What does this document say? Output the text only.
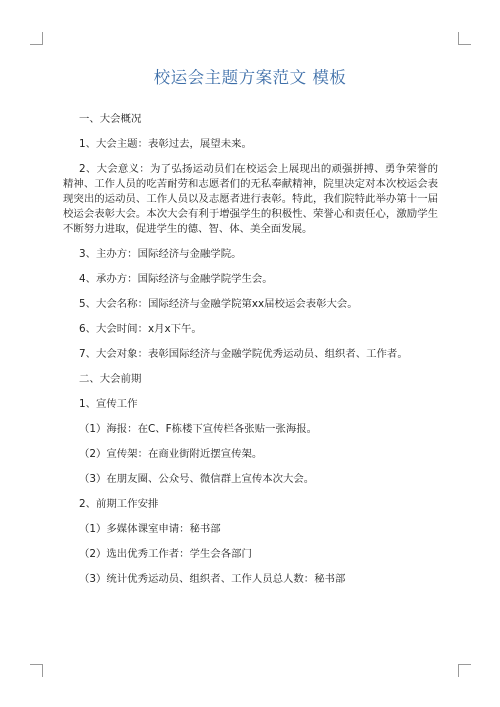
校运会主题方案范文 模板

一、大会概况

1、大会主题：表彰过去，展望未来。

2、大会意义：为了弘扬运动员们在校运会上展现出的顽强拼搏、勇争荣誉的精神、工作人员的吃苦耐劳和志愿者们的无私奉献精神，院里决定对本次校运会表现突出的运动员、工作人员以及志愿者进行表彰。特此，我们院特此举办第十一届校运会表彰大会。本次大会有利于增强学生的积极性、荣誉心和责任心，激励学生不断努力进取，促进学生的德、智、体、美全面发展。

3、主办方：国际经济与金融学院。

4、承办方：国际经济与金融学院学生会。

5、大会名称：国际经济与金融学院第xx届校运会表彰大会。

6、大会时间：x月x下午。

7、大会对象：表彰国际经济与金融学院优秀运动员、组织者、工作者。

二、大会前期

1、宣传工作

（1）海报：在C、F栋楼下宣传栏各张贴一张海报。

（2）宣传架：在商业街附近摆宣传架。

（3）在朋友圈、公众号、微信群上宣传本次大会。

2、前期工作安排

（1）多媒体课室申请：秘书部

（2）选出优秀工作者：学生会各部门

（3）统计优秀运动员、组织者、工作人员总人数：秘书部
